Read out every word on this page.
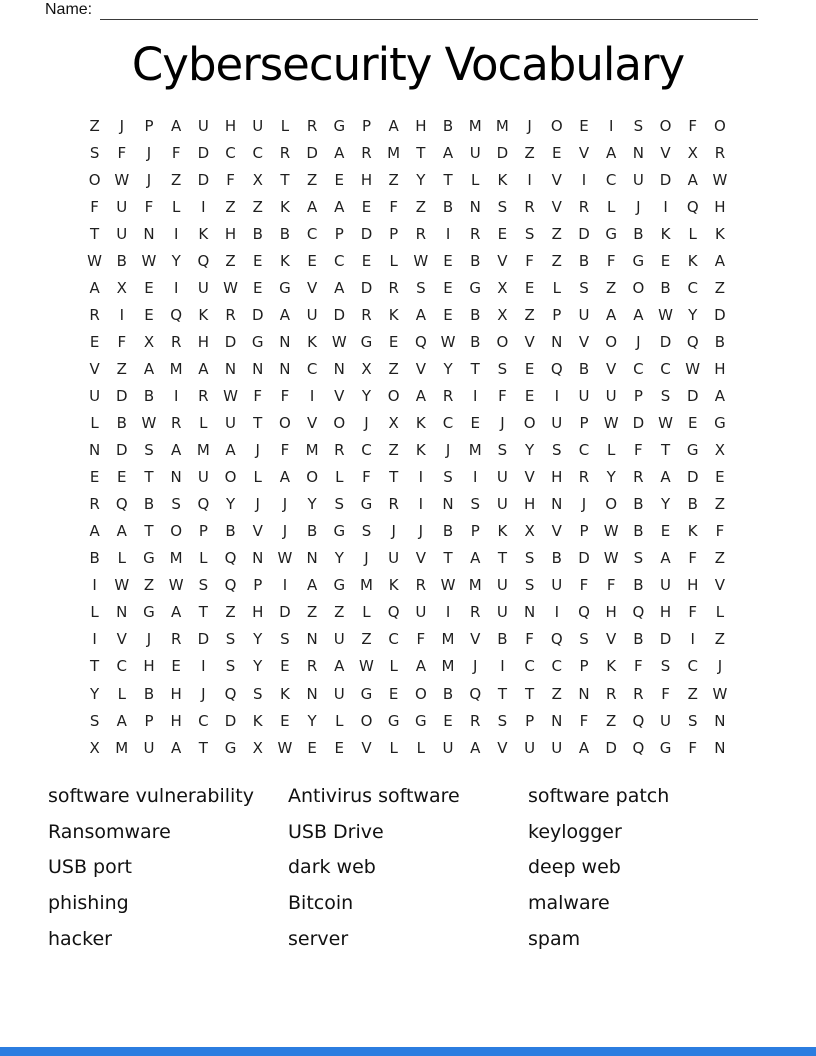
Name:
Cybersecurity Vocabulary
Z	J	P	A	U	H	U	L	R	G	P	A	H	B	M M	J	O	E	I	S	O	F	O
S	F	J	F	D	C	C	R	D	A	R	M	T	A	U	D	Z	E	V	A	N	V	X	R
O W	J	Z	D	F	X	T	Z	E	H	Z	Y	T	L	K	I	V	I	C	U	D	A W
F	U	F	L	I	Z	Z	K	A	A	E	F	Z	B	N	S	R	V	R	L	J	I	Q	H
T	U	N	I	K	H	B	B	C	P	D	P	R	I	R	E	S	Z	D	G	B	K	L	K
W B W	Y	Q	Z	E	K	E	C	E	L	W	E	B	V	F	Z	B	F	G	E	K	A
A	X	E	I	U W	E	G	V	A	D	R	S	E	G	X	E	L	S	Z	O	B	C	Z
R	I	E	Q	K	R	D	A	U	D	R	K	A	E	B	X	Z	P	U	A	A W	Y	D
E	F	X	R	H	D	G	N	K W G	E	Q W B	O	V	N	V	O	J	D	Q	B
V	Z	A	M	A	N	N	N	C	N	X	Z	V	Y	T	S	E	Q	B	V	C	C W H
U	D	B	I	R W	F	F	I	V	Y	O	A	R	I	F	E	I	U	U	P	S	D	A
L	B W R	L	U	T	O	V	O	J	X	K	C	E	J	O	U	P	W D W	E	G
N	D	S	A	M	A	J	F	M	R	C	Z	K	J	M	S	Y	S	C	L	F	T	G	X
E	E	T	N	U	O	L	A	O	L	F	T	I	S	I	U	V	H	R	Y	R	A	D	E
R	Q	B	S	Q	Y	J	J	Y	S	G	R	I	N	S	U	H	N	J	O	B	Y	B	Z
A	A	T	O	P	B	V	J	B	G	S	J	J	B	P	K	X	V	P	W B	E	K	F
B	L	G M	L	Q	N W N	Y	J	U	V	T	A	T	S	B	D W	S	A	F	Z
I	W Z W	S	Q	P	I	A	G M	K	R W M	U	S	U	F	F	B	U	H	V
L	N	G	A	T	Z	H	D	Z	Z	L	Q	U	I	R	U	N	I	Q	H	Q	H	F	L
I	V	J	R	D	S	Y	S	N	U	Z	C	F	M	V	B	F	Q	S	V	B	D	I	Z
T	C	H	E	I	S	Y	E	R	A W	L	A	M	J	I	C	C	P	K	F	S	C	J
Y	L	B	H	J	Q	S	K	N	U	G	E	O	B	Q	T	T	Z	N	R	R	F	Z W
S	A	P	H	C	D	K	E	Y	L	O	G	G	E	R	S	P	N	F	Z	Q	U	S	N
X	M	U	A	T	G	X W	E	E	V	L	L	U	A	V	U	U	A	D	Q	G	F	N
software vulnerability
Ransomware
USB port
phishing
hacker
Antivirus software
USB Drive
dark web
Bitcoin
server
software patch
keylogger
deep web
malware
spam
